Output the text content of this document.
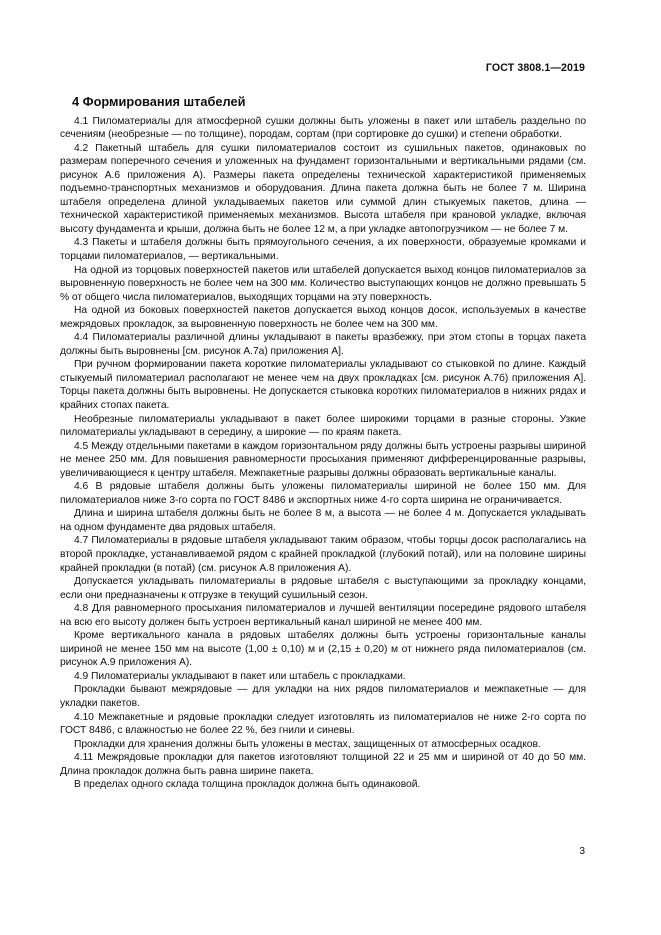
ГОСТ 3808.1—2019
4 Формирования штабелей

4.1 Пиломатериалы для атмосферной сушки должны быть уложены в пакет или штабель раздельно по сечениям (необрезные — по толщине), породам, сортам (при сортировке до сушки) и степени обработки.

4.2 Пакетный штабель для сушки пиломатериалов состоит из сушильных пакетов, одинаковых по размерам поперечного сечения и уложенных на фундамент горизонтальными и вертикальными рядами (см. рисунок А.6 приложения А). Размеры пакета определены технической характеристикой применяемых подъемно-транспортных механизмов и оборудования. Длина пакета должна быть не более 7 м. Ширина штабеля определена длиной укладываемых пакетов или суммой длин стыкуемых пакетов, длина — технической характеристикой применяемых механизмов. Высота штабеля при крановой укладке, включая высоту фундамента и крыши, должна быть не более 12 м, а при укладке автопогрузчиком — не более 7 м.

4.3 Пакеты и штабеля должны быть прямоугольного сечения, а их поверхности, образуемые кромками и торцами пиломатериалов, — вертикальными.

На одной из торцовых поверхностей пакетов или штабелей допускается выход концов пиломатериалов за выровненную поверхность не более чем на 300 мм. Количество выступающих концов не должно превышать 5 % от общего числа пиломатериалов, выходящих торцами на эту поверхность.

На одной из боковых поверхностей пакетов допускается выход концов досок, используемых в качестве межрядовых прокладок, за выровненную поверхность не более чем на 300 мм.

4.4 Пиломатериалы различной длины укладывают в пакеты вразбежку, при этом стопы в торцах пакета должны быть выровнены [см. рисунок А.7а) приложения А].

При ручном формировании пакета короткие пиломатериалы укладывают со стыковкой по длине. Каждый стыкуемый пиломатериал располагают не менее чем на двух прокладках [см. рисунок А.7б) приложения А]. Торцы пакета должны быть выровнены. Не допускается стыковка коротких пиломатериалов в нижних рядах и крайних стопах пакета.

Необрезные пиломатериалы укладывают в пакет более широкими торцами в разные стороны. Узкие пиломатериалы укладывают в середину, а широкие — по краям пакета.

4.5 Между отдельными пакетами в каждом горизонтальном ряду должны быть устроены разрывы шириной не менее 250 мм. Для повышения равномерности просыхания применяют дифференцированные разрывы, увеличивающиеся к центру штабеля. Межпакетные разрывы должны образовать вертикальные каналы.

4.6 В рядовые штабеля должны быть уложены пиломатериалы шириной не более 150 мм. Для пиломатериалов ниже 3-го сорта по ГОСТ 8486 и экспортных ниже 4-го сорта ширина не ограничивается.

Длина и ширина штабеля должны быть не более 8 м, а высота — не более 4 м. Допускается укладывать на одном фундаменте два рядовых штабеля.

4.7 Пиломатериалы в рядовые штабеля укладывают таким образом, чтобы торцы досок располагались на второй прокладке, устанавливаемой рядом с крайней прокладкой (глубокий потай), или на половине ширины крайней прокладки (в потай) (см. рисунок А.8 приложения А).

Допускается укладывать пиломатериалы в рядовые штабеля с выступающими за прокладку концами, если они предназначены к отгрузке в текущий сушильный сезон.

4.8 Для равномерного просыхания пиломатериалов и лучшей вентиляции посередине рядового штабеля на всю его высоту должен быть устроен вертикальный канал шириной не менее 400 мм.

Кроме вертикального канала в рядовых штабелях должны быть устроены горизонтальные каналы шириной не менее 150 мм на высоте (1,00 ± 0,10) м и (2,15 ± 0,20) м от нижнего ряда пиломатериалов (см. рисунок А.9 приложения А).

4.9 Пиломатериалы укладывают в пакет или штабель с прокладками.

Прокладки бывают межрядовые — для укладки на них рядов пиломатериалов и межпакетные — для укладки пакетов.

4.10 Межпакетные и рядовые прокладки следует изготовлять из пиломатериалов не ниже 2-го сорта по ГОСТ 8486, с влажностью не более 22 %, без гнили и синевы.

Прокладки для хранения должны быть уложены в местах, защищенных от атмосферных осадков.

4.11 Межрядовые прокладки для пакетов изготовляют толщиной 22 и 25 мм и шириной от 40 до 50 мм. Длина прокладок должна быть равна ширине пакета.

В пределах одного склада толщина прокладок должна быть одинаковой.

3
